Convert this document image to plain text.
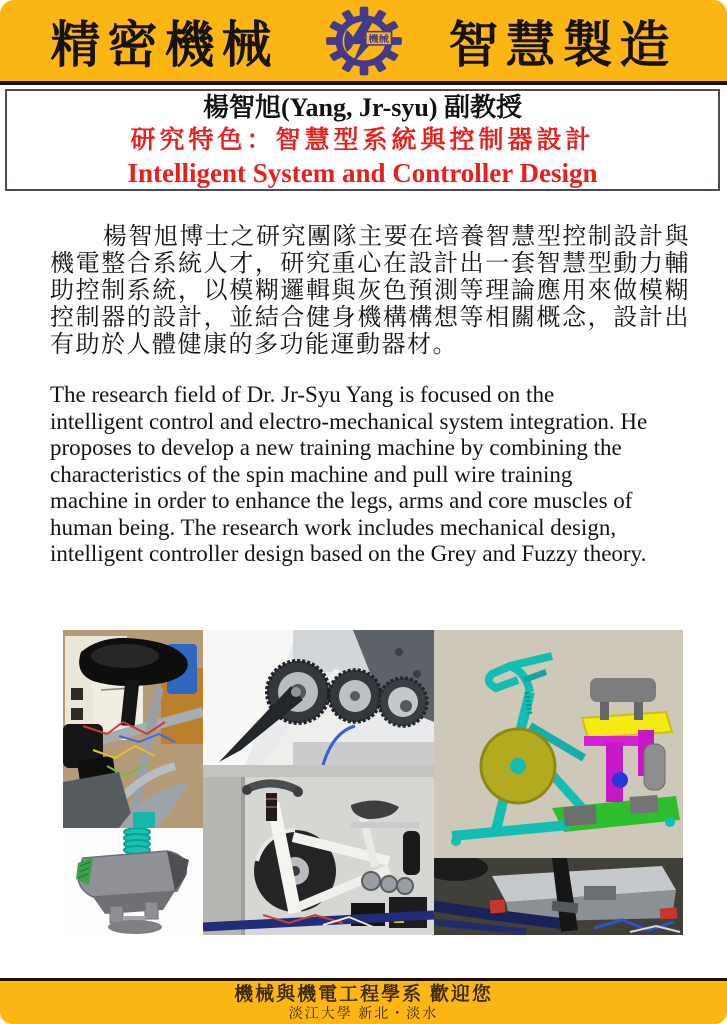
精密機械	機械 智慧製造
楊智旭(Yang, Jr-syu) 副教授
研究特色：智慧型系統與控制器設計
Intelligent System and Controller Design
楊智旭博士之研究團隊主要在培養智慧型控制設計與機電整合系統人才，研究重心在設計出一套智慧型動力輔助控制系統，以模糊邏輯與灰色預測等理論應用來做模糊控制器的設計，並結合健身機構構想等相關概念，設計出有助於人體健康的多功能運動器材。
The research field of Dr. Jr-Syu Yang is focused on the intelligent control and electro-mechanical system integration. He proposes to develop a new training machine by combining the characteristics of the spin machine and pull wire training machine in order to enhance the legs, arms and core muscles of human being. The research work includes mechanical design, intelligent controller design based on the Grey and Fuzzy theory.
機械與機電工程學系 歡迎您
淡江大學 新北・淡水
